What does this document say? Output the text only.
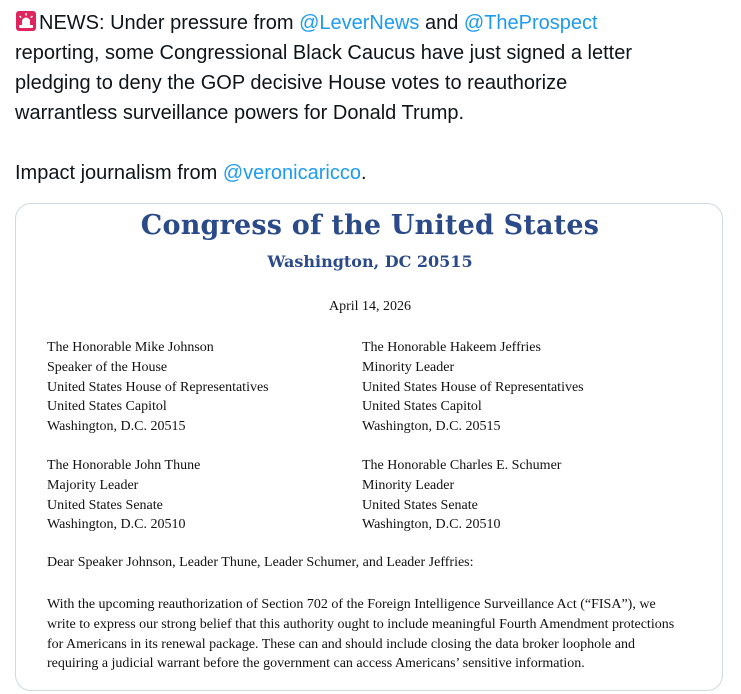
NEWS: Under pressure from @LeverNews and @TheProspect
reporting, some Congressional Black Caucus have just signed a letter
pledging to deny the GOP decisive House votes to reauthorize
warrantless surveillance powers for Donald Trump.
Impact journalism from @veronicaricco.
Congress of the United States
Washington, DC 20515
April 14, 2026
The Honorable Mike Johnson
Speaker of the House
United States House of Representatives
United States Capitol
Washington, D.C. 20515
The Honorable Hakeem Jeffries
Minority Leader
United States House of Representatives
United States Capitol
Washington, D.C. 20515
The Honorable John Thune
Majority Leader
United States Senate
Washington, D.C. 20510
The Honorable Charles E. Schumer
Minority Leader
United States Senate
Washington, D.C. 20510
Dear Speaker Johnson, Leader Thune, Leader Schumer, and Leader Jeffries:
With the upcoming reauthorization of Section 702 of the Foreign Intelligence Surveillance Act (“FISA”), we
write to express our strong belief that this authority ought to include meaningful Fourth Amendment protections
for Americans in its renewal package. These can and should include closing the data broker loophole and
requiring a judicial warrant before the government can access Americans’ sensitive information.
